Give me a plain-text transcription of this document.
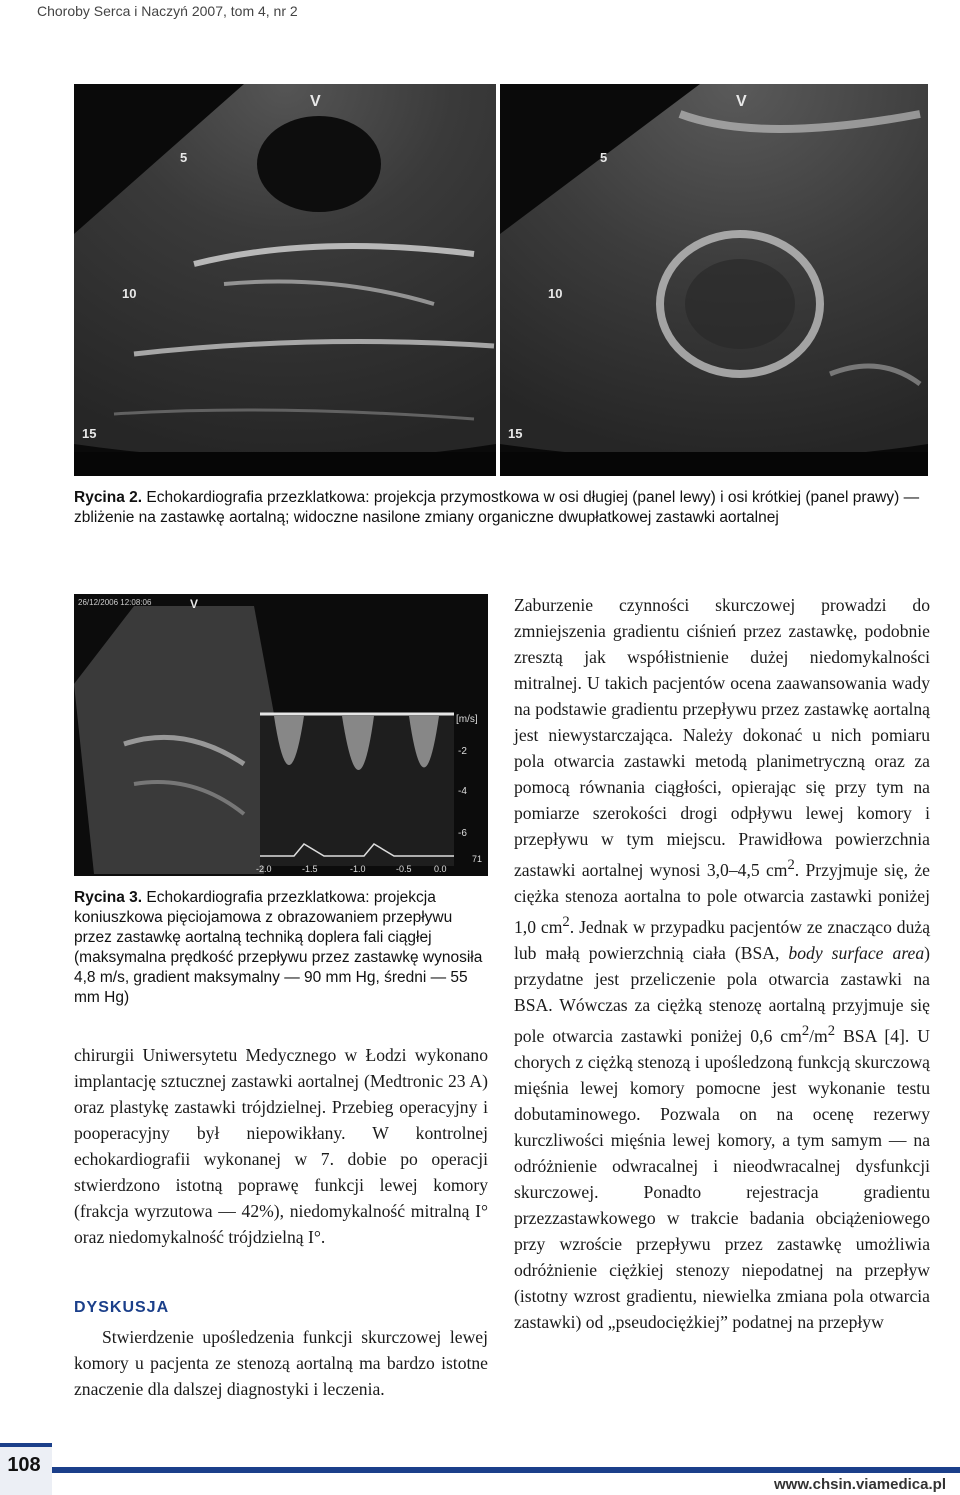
Choroby Serca i Naczyń 2007, tom 4, nr 2
V
5
10
15
V
5
10
15
Rycina 2. Echokardiografia przezklatkowa: projekcja przymostkowa w osi długiej (panel lewy) i osi krótkiej (panel prawy) — zbliżenie na zastawkę aortalną; widoczne nasilone zmiany organiczne dwupłatkowej zastawki aortalnej
26/12/2006 12:08:06	V
[m/s]
-2
-4
-6
-2.0	-1.5	-1.0	-0.5 0.0
71
Rycina 3. Echokardiografia przezklatkowa: projekcja koniuszkowa pięciojamowa z obrazowaniem przepływu przez zastawkę aortalną techniką doplera fali ciągłej (maksymalna prędkość przepływu przez zastawkę wynosiła 4,8 m/s, gradient maksymalny — 90 mm Hg, średni — 55 mm Hg)

chirurgii Uniwersytetu Medycznego w Łodzi wykonano implantację sztucznej zastawki aortalnej (Medtronic 23 A) oraz plastykę zastawki trójdzielnej. Przebieg operacyjny i pooperacyjny był niepowikłany. W kontrolnej echokardiografii wykonanej w 7. dobie po operacji stwierdzono istotną poprawę funkcji lewej komory (frakcja wyrzutowa — 42%), niedomykalność mitralną I° oraz niedomykalność trójdzielną I°.

DYSKUSJA

Stwierdzenie upośledzenia funkcji skurczowej lewej komory u pacjenta ze stenozą aortalną ma bardzo istotne znaczenie dla dalszej diagnostyki i leczenia.

Zaburzenie czynności skurczowej prowadzi do zmniejszenia gradientu ciśnień przez zastawkę, podobnie zresztą jak współistnienie dużej niedomykalności mitralnej. U takich pacjentów ocena zaawansowania wady na podstawie gradientu przepływu przez zastawkę aortalną jest niewystarczająca. Należy dokonać u nich pomiaru pola otwarcia zastawki metodą planimetryczną oraz za pomocą równania ciągłości, opierając się przy tym na pomiarze szerokości drogi odpływu lewej komory i przepływu w tym miejscu. Prawidłowa powierzchnia zastawki aortalnej wynosi 3,0–4,5 $cm^2$. Przyjmuje się, że ciężka stenoza aortalna to pole otwarcia zastawki poniżej 1,0 $cm^2$. Jednak w przypadku pacjentów ze znacząco dużą lub małą powierzchnią ciała (BSA, body surface area) przydatne jest przeliczenie pola otwarcia zastawki na BSA. Wówczas za ciężką stenozę aortalną przyjmuje się pole otwarcia zastawki poniżej 0,6 $cm^2/m^2$ BSA [4]. U chorych z ciężką stenozą i upośledzoną funkcją skurczową mięśnia lewej komory pomocne jest wykonanie testu dobutaminowego. Pozwala on na ocenę rezerwy kurczliwości mięśnia lewej komory, a tym samym — na odróżnienie odwracalnej i nieodwracalnej dysfunkcji skurczowej. Ponadto rejestracja gradientu przezzastawkowego w trakcie badania obciążeniowego przy wzroście przepływu przez zastawkę umożliwia odróżnienie ciężkiej stenozy niepodatnej na przepływ (istotny wzrost gradientu, niewielka zmiana pola otwarcia zastawki) od „pseudociężkiej” podatnej na przepływ

108
www.chsin.viamedica.pl
